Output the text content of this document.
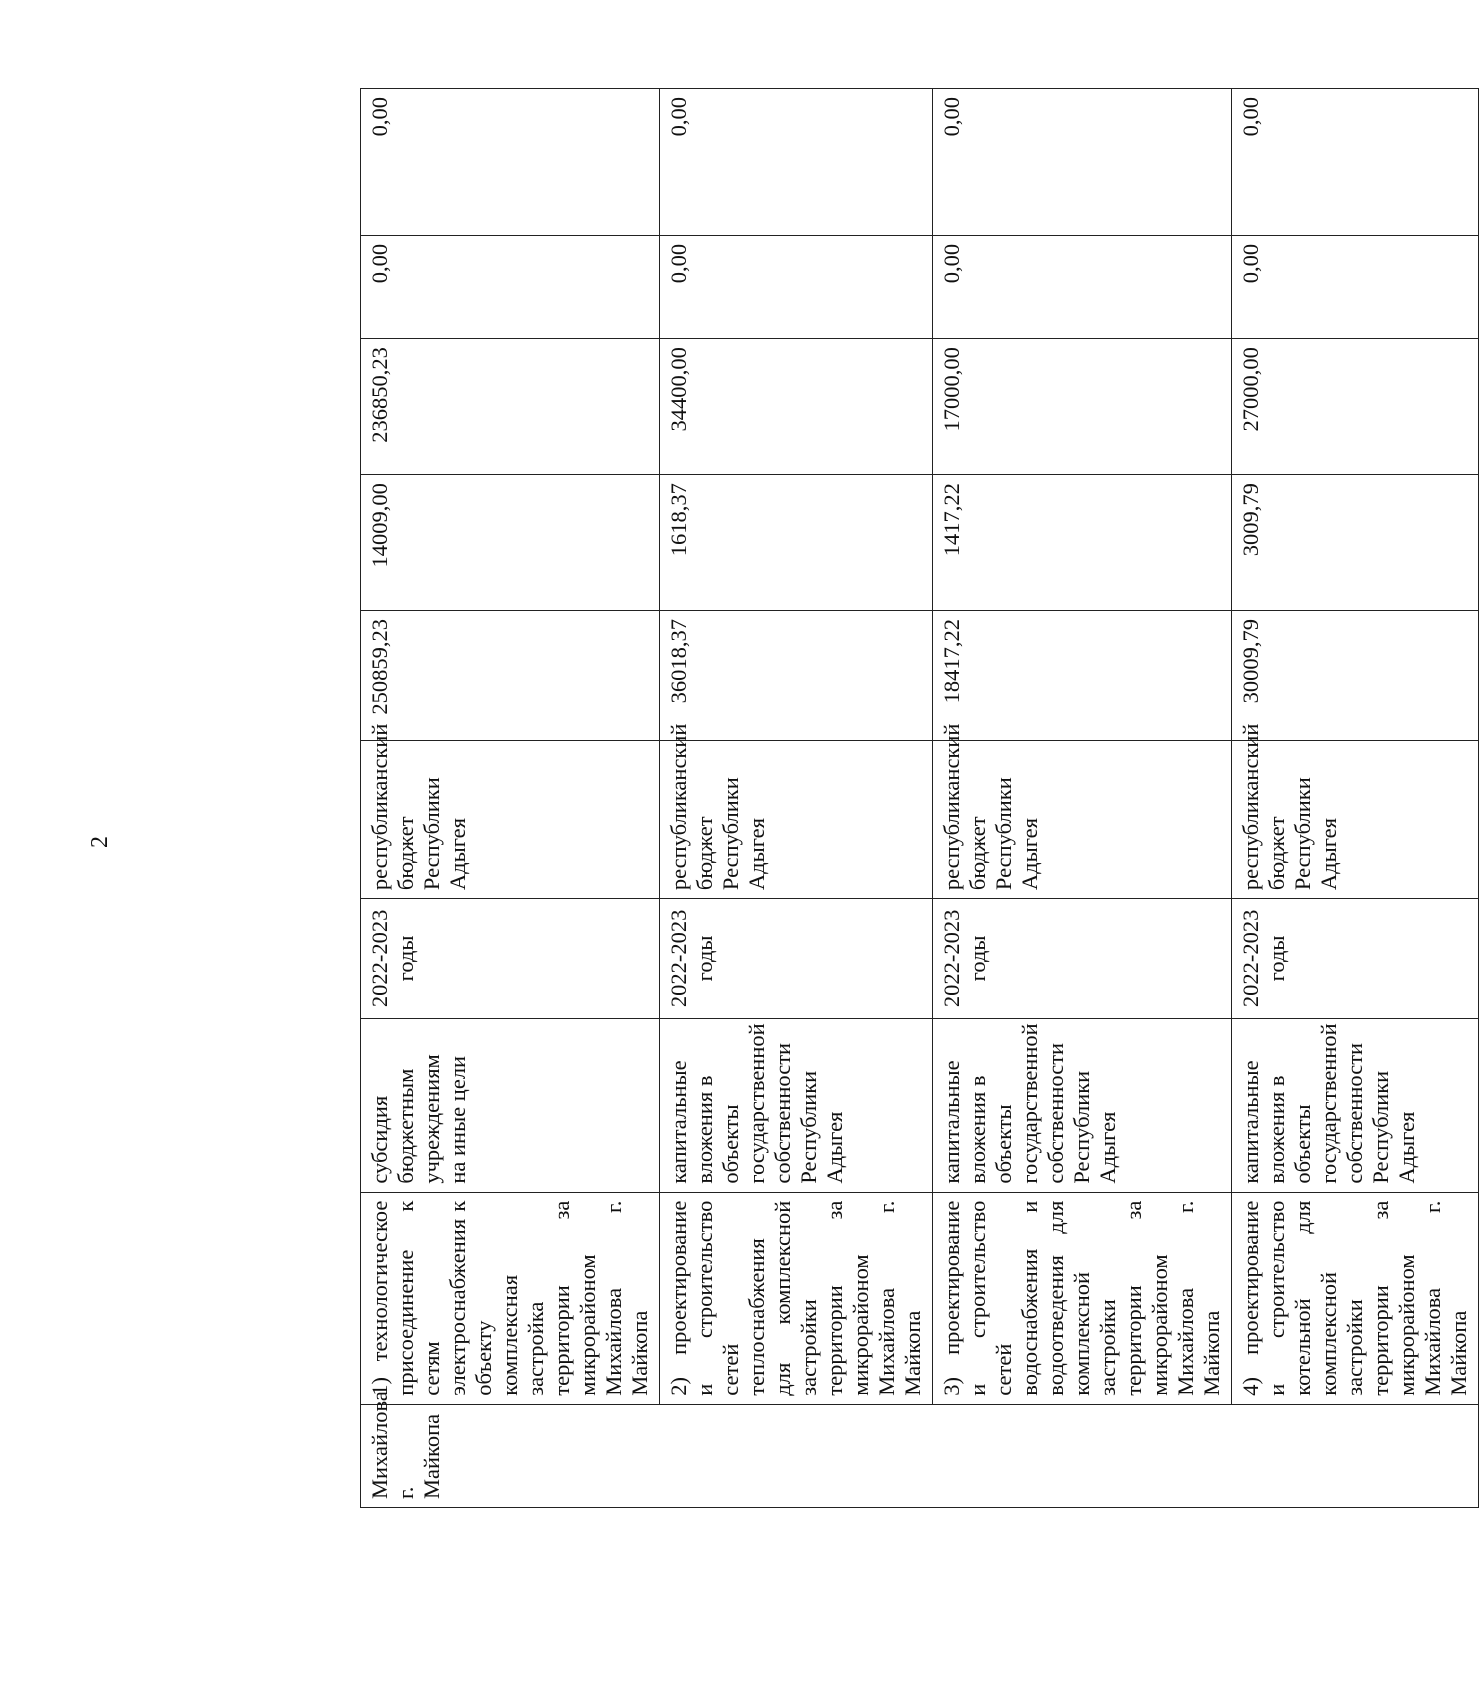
2
Михайлова г. Майкопа	1) технологическое присоединение к сетям электроснабжения к объекту комплексная застройка территории за микрорайоном Михайлова г. Майкопа	субсидия бюджетным учреждениям на иные цели	2022-2023 годы	республиканский бюджет Республики Адыгея	250859,23	14009,00	236850,23	0,00	0,00
	2) проектирование и строительство сетей теплоснабжения для комплексной застройки территории за микрорайоном Михайлова г. Майкопа	капитальные вложения в объекты государственной собственности Республики Адыгея	2022-2023 годы	республиканский бюджет Республики Адыгея	36018,37	1618,37	34400,00	0,00	0,00
	3) проектирование и строительство сетей водоснабжения и водоотведения для комплексной застройки территории за микрорайоном Михайлова г. Майкопа	капитальные вложения в объекты государственной собственности Республики Адыгея	2022-2023 годы	республиканский бюджет Республики Адыгея	18417,22	1417,22	17000,00	0,00	0,00
	4) проектирование и строительство котельной для комплексной застройки территории за микрорайоном Михайлова г. Майкопа	капитальные вложения в объекты государственной собственности Республики Адыгея	2022-2023 годы	республиканский бюджет Республики Адыгея	30009,79	3009,79	27000,00	0,00	0,00
